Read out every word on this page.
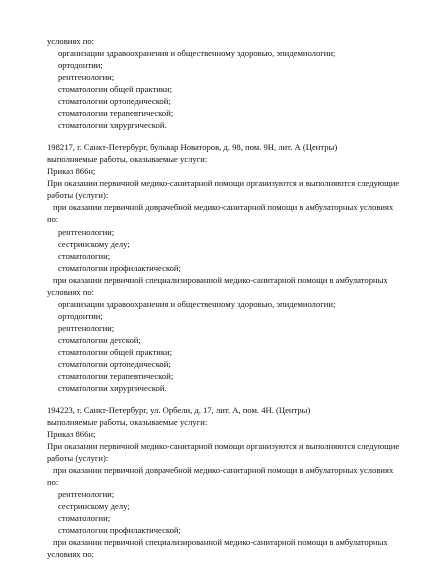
условиях по:
организации здравоохранения и общественному здоровью, эпидемиологии;
ортодонтии;
рентгенологии;
стоматологии общей практики;
стоматологии ортопедической;
стоматологии терапевтической;
стоматологии хирургической.
198217, г. Санкт-Петербург, бульвар Новаторов, д. 98, пом. 9Н, лит. А (Центры)
выполняемые работы, оказываемые услуги:
Приказ 866н;
При оказании первичной медико-санитарной помощи организуются и выполняются следующие
работы (услуги):
при оказании первичной доврачебной медико-санитарной помощи в амбулаторных условиях
по:
рентгенологии;
сестринскому делу;
стоматологии;
стоматологии профилактической;
при оказании первичной специализированной медико-санитарной помощи в амбулаторных
условиях по:
организации здравоохранения и общественному здоровью, эпидемиологии;
ортодонтии;
рентгенологии;
стоматологии детской;
стоматологии общей практики;
стоматологии ортопедической;
стоматологии терапевтической;
стоматологии хирургической.
194223, г. Санкт-Петербург, ул. Орбели, д. 17, лит. А, пом. 4Н. (Центры)
выполняемые работы, оказываемые услуги:
Приказ 866н;
При оказании первичной медико-санитарной помощи организуются и выполняются следующие
работы (услуги):
при оказании первичной доврачебной медико-санитарной помощи в амбулаторных условиях
по:
рентгенологии;
сестринскому делу;
стоматологии;
стоматологии профилактической;
при оказании первичной специализированной медико-санитарной помощи в амбулаторных
условиях по:
